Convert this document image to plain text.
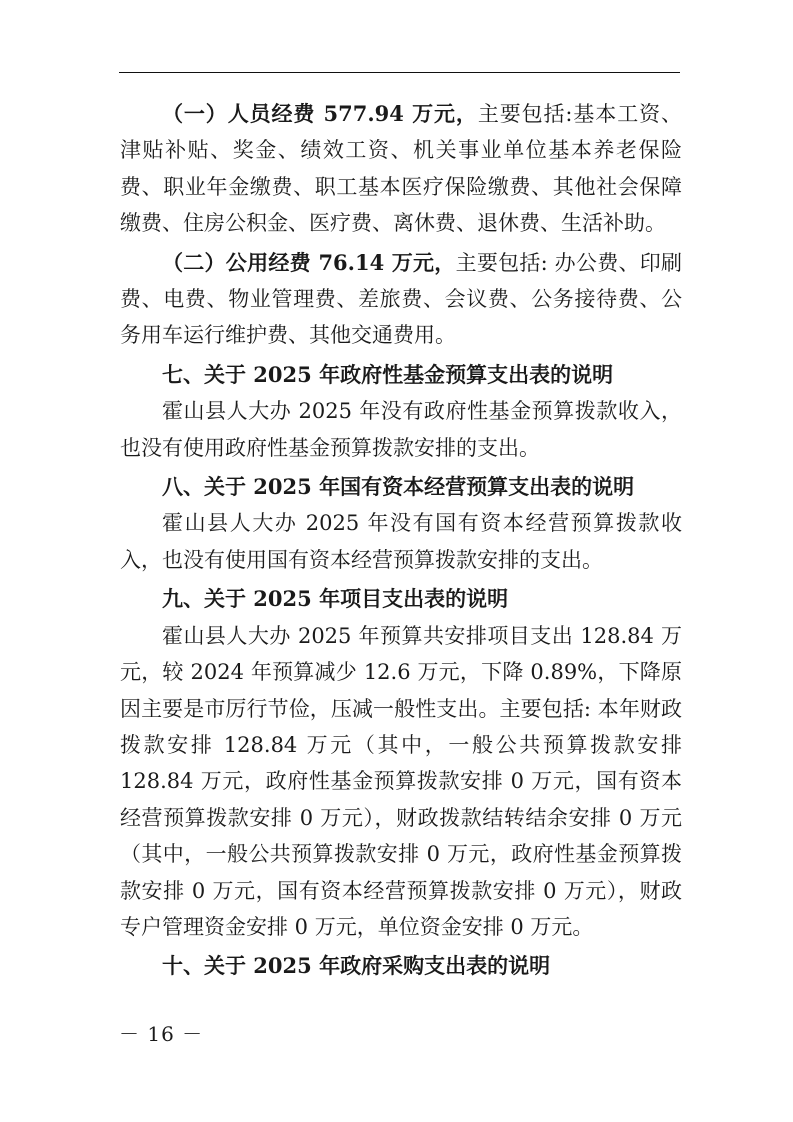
（一）人员经费 577.94 万元，主要包括:基本工资、津贴补贴、奖金、绩效工资、机关事业单位基本养老保险费、职业年金缴费、职工基本医疗保险缴费、其他社会保障缴费、住房公积金、医疗费、离休费、退休费、生活补助。

（二）公用经费 76.14 万元，主要包括: 办公费、印刷费、电费、物业管理费、差旅费、会议费、公务接待费、公务用车运行维护费、其他交通费用。

七、关于 2025 年政府性基金预算支出表的说明

霍山县人大办 2025 年没有政府性基金预算拨款收入，也没有使用政府性基金预算拨款安排的支出。

八、关于 2025 年国有资本经营预算支出表的说明

霍山县人大办 2025 年没有国有资本经营预算拨款收入，也没有使用国有资本经营预算拨款安排的支出。

九、关于 2025 年项目支出表的说明

霍山县人大办 2025 年预算共安排项目支出 128.84 万元，较 2024 年预算减少 12.6 万元，下降 0.89%，下降原因主要是市厉行节俭，压减一般性支出。主要包括: 本年财政拨款安排 128.84 万元（其中，一般公共预算拨款安排 128.84 万元，政府性基金预算拨款安排 0 万元，国有资本经营预算拨款安排 0 万元），财政拨款结转结余安排 0 万元（其中，一般公共预算拨款安排 0 万元，政府性基金预算拨款安排 0 万元，国有资本经营预算拨款安排 0 万元），财政专户管理资金安排 0 万元，单位资金安排 0 万元。

十、关于 2025 年政府采购支出表的说明

－ 16 －
